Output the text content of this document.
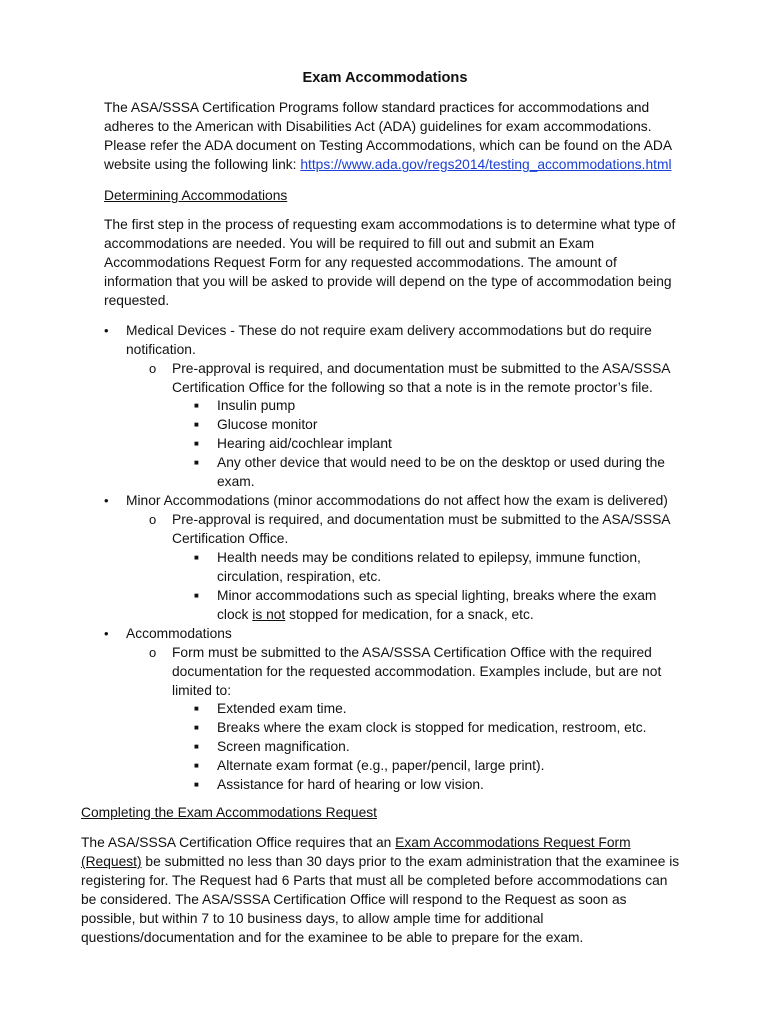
Exam Accommodations
The ASA/SSSA Certification Programs follow standard practices for accommodations and
adheres to the American with Disabilities Act (ADA) guidelines for exam accommodations.
Please refer the ADA document on Testing Accommodations, which can be found on the ADA
website using the following link: https://www.ada.gov/regs2014/testing_accommodations.html
Determining Accommodations
The first step in the process of requesting exam accommodations is to determine what type of
accommodations are needed. You will be required to fill out and submit an Exam
Accommodations Request Form for any requested accommodations. The amount of
information that you will be asked to provide will depend on the type of accommodation being
requested.
• Medical Devices - These do not require exam delivery accommodations but do require
notification.
o Pre-approval is required, and documentation must be submitted to the ASA/SSSA
Certification Office for the following so that a note is in the remote proctor’s file.
■ Insulin pump
■ Glucose monitor
■ Hearing aid/cochlear implant
■ Any other device that would need to be on the desktop or used during the
exam.
• Minor Accommodations (minor accommodations do not affect how the exam is delivered)
o Pre-approval is required, and documentation must be submitted to the ASA/SSSA
Certification Office.
■ Health needs may be conditions related to epilepsy, immune function,
circulation, respiration, etc.
■ Minor accommodations such as special lighting, breaks where the exam
clock is not stopped for medication, for a snack, etc.
• Accommodations
o Form must be submitted to the ASA/SSSA Certification Office with the required
documentation for the requested accommodation. Examples include, but are not
limited to:
■ Extended exam time.
■ Breaks where the exam clock is stopped for medication, restroom, etc.
■ Screen magnification.
■ Alternate exam format (e.g., paper/pencil, large print).
■ Assistance for hard of hearing or low vision.
Completing the Exam Accommodations Request
The ASA/SSSA Certification Office requires that an Exam Accommodations Request Form
(Request) be submitted no less than 30 days prior to the exam administration that the examinee is
registering for. The Request had 6 Parts that must all be completed before accommodations can
be considered. The ASA/SSSA Certification Office will respond to the Request as soon as
possible, but within 7 to 10 business days, to allow ample time for additional
questions/documentation and for the examinee to be able to prepare for the exam.
